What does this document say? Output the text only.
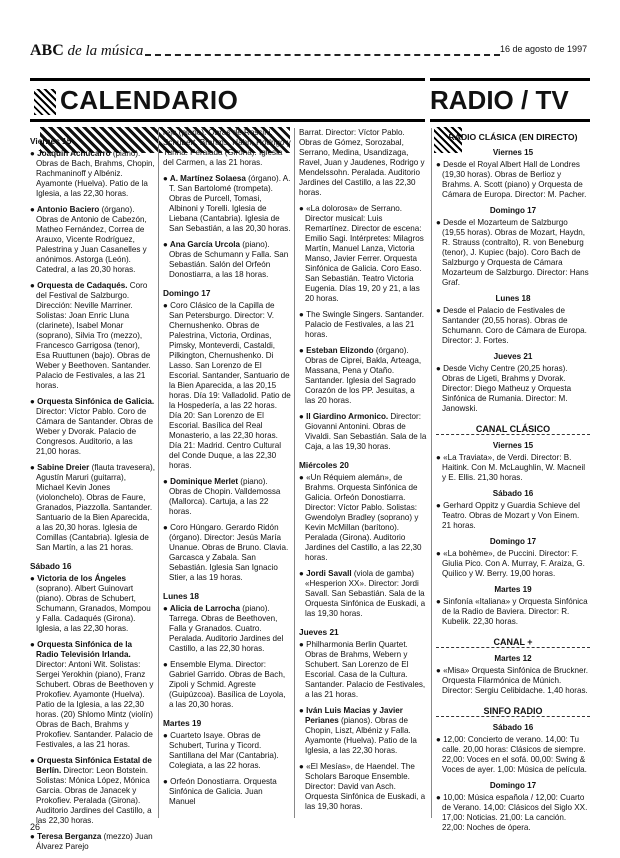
ABC de la música	16 de agosto de 1997
CALENDARIO	RADIO / TV
Viernes 15
● Joaquín Achúcarro (piano). Obras de Bach, Brahms, Chopin, Rachmaninoff y Albéniz. Ayamonte (Huelva). Patio de la Iglesia, a las 22,30 horas.
● Antonio Baciero (órgano). Obras de Antonio de Cabezón, Matheo Fernández, Correa de Arauxo, Vicente Rodríguez, Palestrina y Juan Casanelles y anónimos. Astorga (León). Catedral, a las 20,30 horas.
● Orquesta de Cadaqués. Coro del Festival de Salzburgo. Dirección: Neville Marriner. Solistas: Joan Enric Lluna (clarinete), Isabel Monar (soprano), Silvia Tro (mezzo), Francesco Garrigosa (tenor), Esa Ruuttunen (bajo). Obras de Weber y Beethoven. Santander. Palacio de Festivales, a las 21 horas.
● Orquesta Sinfónica de Galicia. Director: Víctor Pablo. Coro de Cámara de Santander. Obras de Weber y Dvorak. Palacio de Congresos. Auditorio, a las 21,00 horas.
● Sabine Dreier (flauta travesera), Agustín Maruri (guitarra), Michael Kevin Jones (violonchelo). Obras de Faure, Granados, Piazzolla. Santander. Santuario de la Bien Aparecida, a las 20,30 horas. Iglesia de Comillas (Cantabria). Iglesia de San Martín, a las 21 horas.
Sábado 16
● Victoria de los Ángeles (soprano). Albert Guinovart (piano). Obras de Schubert, Schumann, Granados, Mompou y Falla. Cadaqués (Girona). Iglesia, a las 22,30 horas.
● Orquesta Sinfónica de la Radio Televisión Irlanda. Director: Antoni Wit. Solistas: Sergei Yerokhin (piano), Franz Schubert. Obras de Beethoven y Prokofiev. Ayamonte (Huelva). Patio de la Iglesia, a las 22,30 horas. (20) Shlomo Mintz (violín) Obras de Bach, Brahms y Prokofiev. Santander. Palacio de Festivales, a las 21 horas.
● Orquesta Sinfónica Estatal de Berlín. Director: Leon Botstein. Solistas: Mónica López, Mónica Garcia. Obras de Janacek y Prokofiev. Peralada (Girona). Auditorio Jardines del Castillo, a las 22,30 horas.
● Teresa Berganza (mezzo) Juan Álvarez Parejo
rejo (piano). Obras de Rossini, Schubert, Brahms, Hahn, Rodrigo y Turina. Peralada (Girona). Iglesia del Carmen, a las 21 horas.
● A. Martínez Solaesa (órgano). A. T. San Bartolomé (trompeta). Obras de Purcell, Tomasi, Albinoni y Torelli. Iglesia de Liebana (Cantabria). Iglesia de San Sebastián, a las 20,30 horas.
● Ana García Urcola (piano). Obras de Schumann y Falla. San Sebastián. Salón del Orfeón Donostiarra, a las 18 horas.
Domingo 17
● Coro Clásico de la Capilla de San Petersburgo. Director: V. Chernushenko. Obras de Palestrina, Victoria, Ordinas, Pimsky, Monteverdi, Castaldi, Pilkington, Chernushenko. Di Lasso. San Lorenzo de El Escorial. Santander, Santuario de la Bien Aparecida, a las 20,15 horas. Día 19: Valladolid. Patio de la Hospedería, a las 22 horas. Día 20: San Lorenzo de El Escorial. Basílica del Real Monasterio, a las 22,30 horas. Día 21: Madrid. Centro Cultural del Conde Duque, a las 22,30 horas.
● Dominique Merlet (piano). Obras de Chopin. Valldemossa (Mallorca). Cartuja, a las 22 horas.
● Coro Húngaro. Gerardo Ridón (órgano). Director: Jesús María Unanue. Obras de Bruno. Clavia. Garcasca y Zabala. San Sebastián. Iglesia San Ignacio Stier, a las 19 horas.
Lunes 18
● Alicia de Larrocha (piano). Tarrega. Obras de Beethoven, Falla y Granados. Cuatro. Peralada. Auditorio Jardines del Castillo, a las 22,30 horas.
● Ensemble Elyma. Director: Gabriel Garrido. Obras de Bach, Zipoli y Schmid. Agreste (Guipúzcoa). Basílica de Loyola, a las 20,30 horas.
Martes 19
● Cuarteto Isaye. Obras de Schubert, Turina y Ticord. Santillana del Mar (Cantabria). Colegiata, a las 22 horas.
● Orfeón Donostiarra. Orquesta Sinfónica de Galicia. Juan Manuel
Barrat. Director: Víctor Pablo. Obras de Gómez, Sorozabal, Serrano, Medina, Usandizaga, Ravel, Juan y Jaudenes, Rodrigo y Mendelssohn. Peralada. Auditorio Jardines del Castillo, a las 22,30 horas.
● «La dolorosa» de Serrano. Director musical: Luis Remartínez. Director de escena: Emilio Sagi. Intérpretes: Milagros Martín, Manuel Lanza, Victoria Manso, Javier Ferrer. Orquesta Sinfónica de Galicia. Coro Easo. San Sebastián. Teatro Victoria Eugenia. Días 19, 20 y 21, a las 20 horas.
● The Swingle Singers. Santander. Palacio de Festivales, a las 21 horas.
● Esteban Elizondo (órgano). Obras de Ciprei, Bakla, Arteaga, Massana, Pena y Otaño. Santander. Iglesia del Sagrado Corazón de los PP. Jesuitas, a las 20 horas.
● Il Giardino Armonico. Director: Giovanni Antonini. Obras de Vivaldi. San Sebastián. Sala de la Caja, a las 19,30 horas.
Miércoles 20
● «Un Réquiem alemán», de Brahms. Orquesta Sinfónica de Galicia. Orfeón Donostiarra. Director: Víctor Pablo. Solistas: Gwendolyn Bradley (soprano) y Kevin McMillan (barítono). Peralada (Girona). Auditorio Jardines del Castillo, a las 22,30 horas.
● Jordi Savall (viola de gamba) «Hesperion XX». Director: Jordi Savall. San Sebastián. Sala de la Orquesta Sinfónica de Euskadi, a las 19,30 horas.
Jueves 21
● Philharmonia Berlin Quartet. Obras de Brahms, Webern y Schubert. San Lorenzo de El Escorial. Casa de la Cultura. Santander. Palacio de Festivales, a las 21 horas.
● Iván Luis Macias y Javier Perianes (pianos). Obras de Chopin, Liszt, Albéniz y Falla. Ayamonte (Huelva). Patio de la Iglesia, a las 22,30 horas.
● «El Mesías», de Haendel. The Scholars Baroque Ensemble. Director: David van Asch. Orquesta Sinfónica de Euskadi, a las 19,30 horas.
RADIO CLÁSICA (EN DIRECTO)
Viernes 15
● Desde el Royal Albert Hall de Londres (19,30 horas). Obras de Berlioz y Brahms. A. Scott (piano) y Orquesta de Cámara de Europa. Director: M. Pacher.
Domingo 17
● Desde el Mozarteum de Salzburgo (19,55 horas). Obras de Mozart, Haydn, R. Strauss (contralto), R. von Beneburg (tenor), J. Kupiec (bajo). Coro Bach de Salzburgo y Orquesta de Cámara Mozarteum de Salzburgo. Director: Hans Graf.
Lunes 18
● Desde el Palacio de Festivales de Santander (20,55 horas). Obras de Schumann. Coro de Cámara de Europa. Director: J. Fortes.
Jueves 21
● Desde Vichy Centre (20,25 horas). Obras de Ligeti, Brahms y Dvorak. Director: Diego Matheuz y Orquesta Sinfónica de Rumania. Director: M. Janowski.
CANAL CLÁSICO
Viernes 15
● «La Traviata», de Verdi. Director: B. Haitink. Con M. McLaughlin, W. Macneil y E. Ellis. 21,30 horas.
Sábado 16
● Gerhard Oppitz y Guardia Schieve del Teatro. Obras de Mozart y Von Einem. 21 horas.
Domingo 17
● «La bohème», de Puccini. Director: F. Giulia Pico. Con A. Murray, F. Araiza, G. Quilico y W. Berry. 19,00 horas.
Martes 19
● Sinfonía «Italiana» y Orquesta Sinfónica de la Radio de Baviera. Director: R. Kubelik. 22,30 horas.
CANAL +
Martes 12
● «Misa» Orquesta Sinfónica de Bruckner. Orquesta Filarmónica de Múnich. Director: Sergiu Celibidache. 1,40 horas.
SINFO RADIO
Sábado 16
● 12,00: Concierto de verano. 14,00: Tu calle. 20,00 horas: Clásicos de siempre. 22,00: Voces en el sofá. 00,00: Swing & Voces de ayer. 1,00: Música de película.
Domingo 17
● 10,00: Música española / 12,00: Cuarto de Verano. 14,00: Clásicos del Siglo XX. 17,00: Noticias. 21,00: La canción. 22,00: Noches de ópera.
26
